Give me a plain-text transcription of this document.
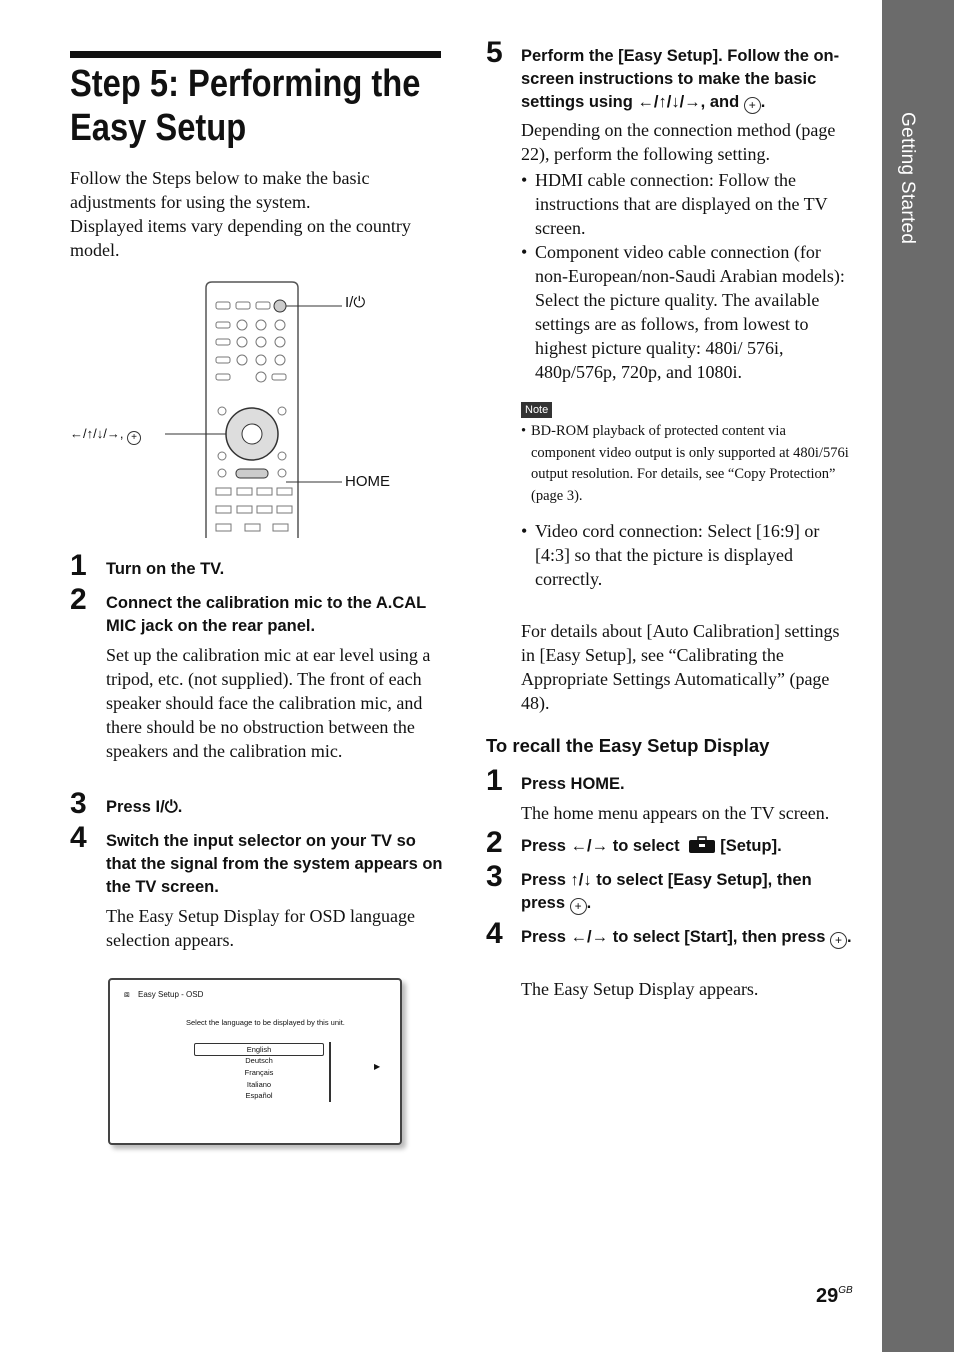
Getting Started
Step 5: Performing the Easy Setup

Follow the Steps below to make the basic adjustments for using the system.

Displayed items vary depending on the country model.

I/⏻
←/↑/↓/→, +
HOME
1 Turn on the TV.

2 Connect the calibration mic to the A.CAL MIC jack on the rear panel.

Set up the calibration mic at ear level using a tripod, etc. (not supplied). The front of each speaker should face the calibration mic, and there should be no obstruction between the speakers and the calibration mic.

3 Press I/⏻.

4 Switch the input selector on your TV so that the signal from the system appears on the TV screen.

The Easy Setup Display for OSD language selection appears.

⧈ Easy Setup - OSD
Select the language to be displayed by this unit.
English
Deutsch
Français
Italiano
Español
▶
5 Perform the [Easy Setup]. Follow the on-screen instructions to make the basic settings using ←/↑/↓/→, and + .

Depending on the connection method (page 22), perform the following setting.

• HDMI cable connection: Follow the instructions that are displayed on the TV screen.
• Component video cable connection (for non-European/non-Saudi Arabian models): Select the picture quality. The available settings are as follows, from lowest to highest picture quality: 480i/ 576i, 480p/576p, 720p, and 1080i.
Note
• BD-ROM playback of protected content via component video output is only supported at 480i/576i output resolution. For details, see “Copy Protection” (page 3).
• Video cord connection: Select [16:9] or [4:3] so that the picture is displayed correctly.

For details about [Auto Calibration] settings in [Easy Setup], see “Calibrating the Appropriate Settings Automatically” (page 48).

To recall the Easy Setup Display
1 Press HOME.

The home menu appears on the TV screen.

2 Press ←/→ to select [Setup].

3 Press ↑/↓ to select [Easy Setup], then press + .

4 Press ←/→ to select [Start], then press + .

The Easy Setup Display appears.

$29^{GB}$
